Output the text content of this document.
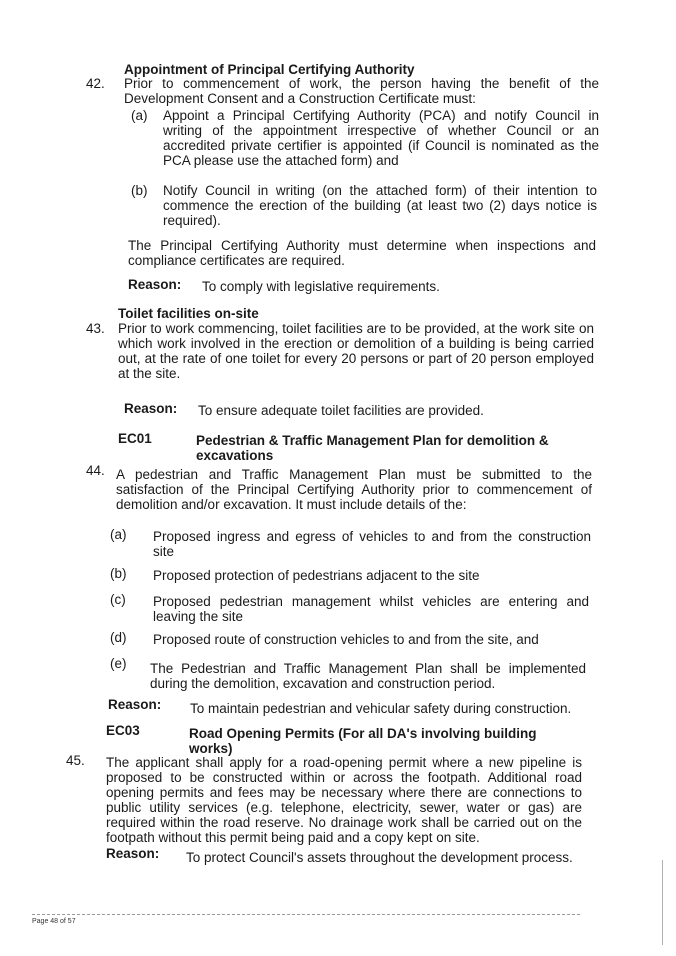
Appointment of Principal Certifying Authority
42. Prior to commencement of work, the person having the benefit of the Development Consent and a Construction Certificate must:
(a) Appoint a Principal Certifying Authority (PCA) and notify Council in writing of the appointment irrespective of whether Council or an accredited private certifier is appointed (if Council is nominated as the PCA please use the attached form) and
(b) Notify Council in writing (on the attached form) of their intention to commence the erection of the building (at least two (2) days notice is required).
The Principal Certifying Authority must determine when inspections and compliance certificates are required.
Reason: To comply with legislative requirements.
Toilet facilities on-site
43. Prior to work commencing, toilet facilities are to be provided, at the work site on which work involved in the erection or demolition of a building is being carried out, at the rate of one toilet for every 20 persons or part of 20 person employed at the site.
Reason: To ensure adequate toilet facilities are provided.
EC01	Pedestrian & Traffic Management Plan for demolition & excavations
44. A pedestrian and Traffic Management Plan must be submitted to the satisfaction of the Principal Certifying Authority prior to commencement of demolition and/or excavation. It must include details of the:
(a) Proposed ingress and egress of vehicles to and from the construction site
(b) Proposed protection of pedestrians adjacent to the site
(c) Proposed pedestrian management whilst vehicles are entering and leaving the site
(d) Proposed route of construction vehicles to and from the site, and
(e) The Pedestrian and Traffic Management Plan shall be implemented during the demolition, excavation and construction period.
Reason: To maintain pedestrian and vehicular safety during construction.
EC03	Road Opening Permits (For all DA's involving building works)
45. The applicant shall apply for a road-opening permit where a new pipeline is proposed to be constructed within or across the footpath. Additional road opening permits and fees may be necessary where there are connections to public utility services (e.g. telephone, electricity, sewer, water or gas) are required within the road reserve. No drainage work shall be carried out on the footpath without this permit being paid and a copy kept on site.
Reason: To protect Council's assets throughout the development process.
Page 48 of 57
